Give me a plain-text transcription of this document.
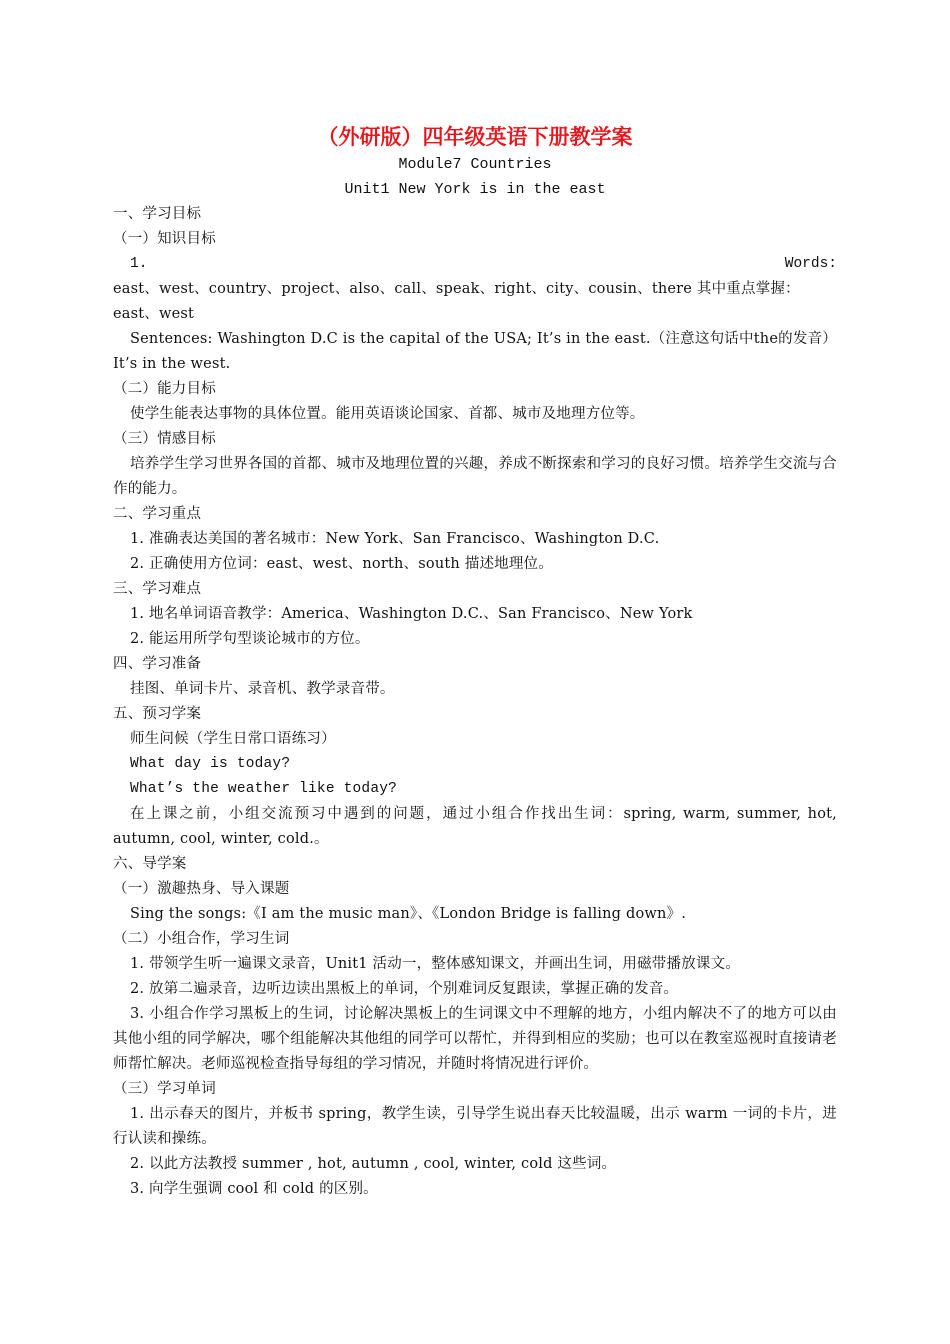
（外研版）四年级英语下册教学案

Module7 Countries

Unit1 New York is in the east

一、学习目标

（一）知识目标

1.	Words:

east、west、country、project、also、call、speak、right、city、cousin、there 其中重点掌握：east、west

Sentences: Washington D.C is the capital of the USA; It’s in the east.（注意这句话中the的发音）It’s in the west.

（二）能力目标

使学生能表达事物的具体位置。能用英语谈论国家、首都、城市及地理方位等。

（三）情感目标

培养学生学习世界各国的首都、城市及地理位置的兴趣，养成不断探索和学习的良好习惯。培养学生交流与合作的能力。

二、学习重点

1. 准确表达美国的著名城市：New York、San Francisco、Washington D.C.

2. 正确使用方位词：east、west、north、south 描述地理位。

三、学习难点

1. 地名单词语音教学：America、Washington D.C.、San Francisco、New York

2. 能运用所学句型谈论城市的方位。

四、学习准备

挂图、单词卡片、录音机、教学录音带。

五、预习学案

师生问候（学生日常口语练习）

What day is today?

What’s the weather like today?

在上课之前，小组交流预习中遇到的问题，通过小组合作找出生词：spring, warm, summer, hot, autumn, cool, winter, cold.。

六、导学案

（一）激趣热身、导入课题

Sing the songs:《I am the music man》、《London Bridge is falling down》.

（二）小组合作，学习生词

1. 带领学生听一遍课文录音，Unit1 活动一，整体感知课文，并画出生词，用磁带播放课文。

2. 放第二遍录音，边听边读出黑板上的单词，个别难词反复跟读，掌握正确的发音。

3. 小组合作学习黑板上的生词，讨论解决黑板上的生词课文中不理解的地方，小组内解决不了的地方可以由其他小组的同学解决，哪个组能解决其他组的同学可以帮忙，并得到相应的奖励；也可以在教室巡视时直接请老师帮忙解决。老师巡视检查指导每组的学习情况，并随时将情况进行评价。

（三）学习单词

1. 出示春天的图片，并板书 spring，教学生读，引导学生说出春天比较温暖，出示 warm 一词的卡片，进行认读和操练。

2. 以此方法教授 summer , hot, autumn , cool, winter, cold 这些词。

3. 向学生强调 cool 和 cold 的区别。
